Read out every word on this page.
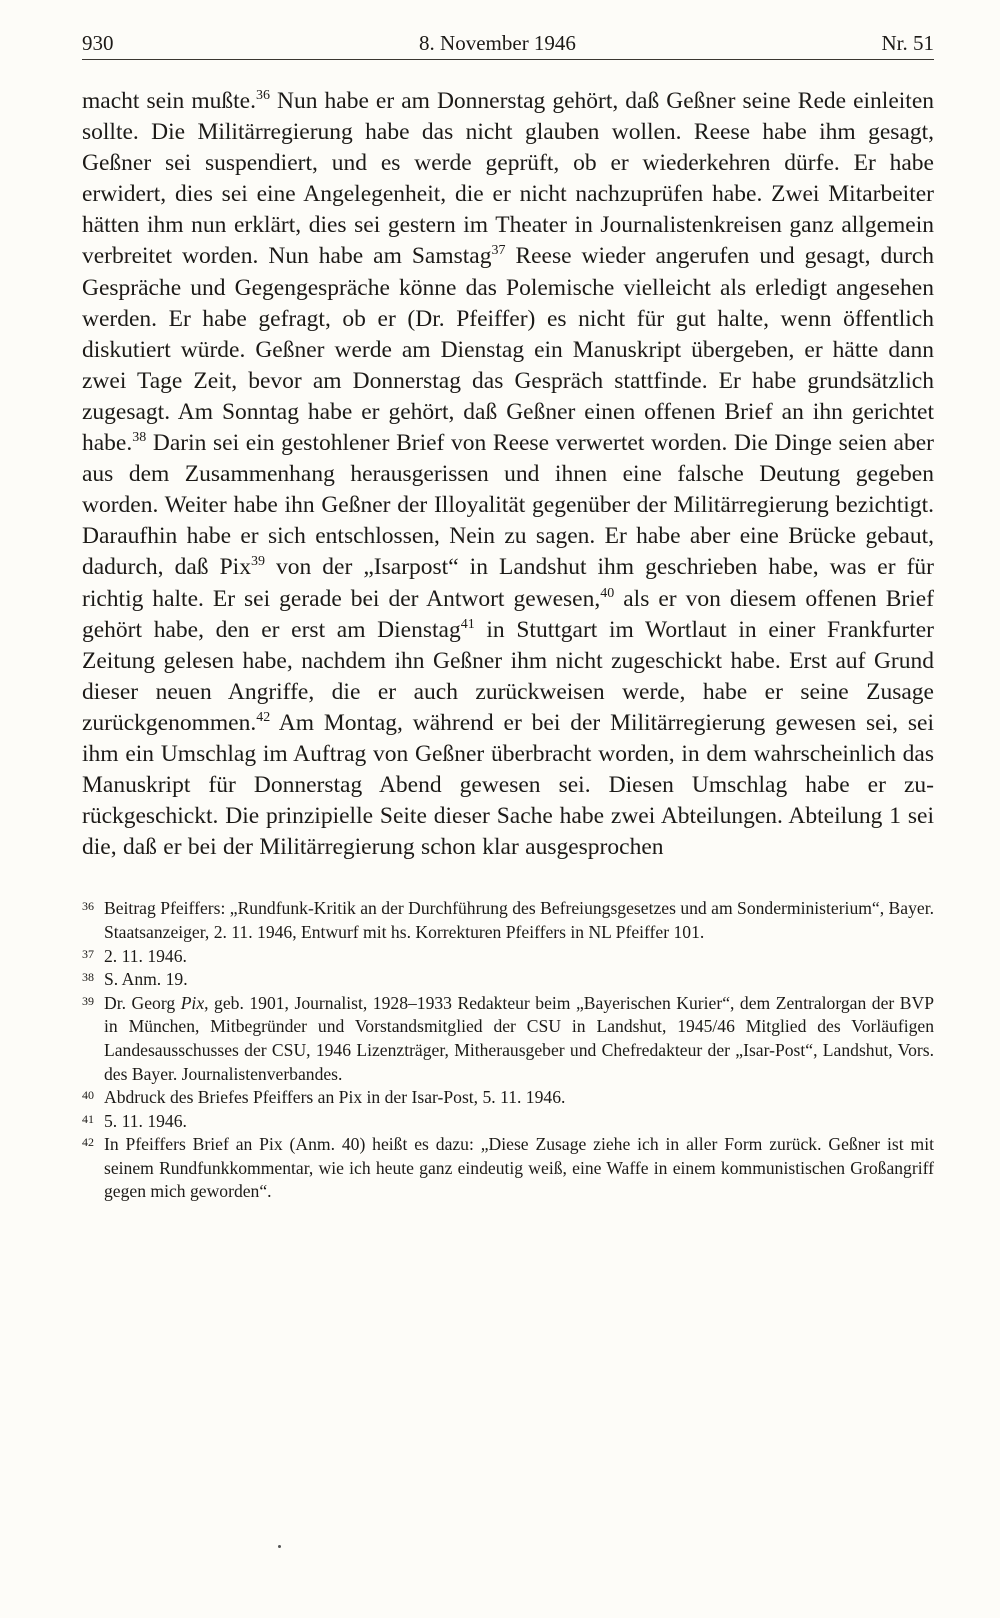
930	8. November 1946	Nr. 51

macht sein mußte.$^{36}$ Nun habe er am Donnerstag gehört, daß Geßner seine Rede einleiten sollte. Die Militärregierung habe das nicht glauben wollen. Reese habe ihm gesagt, Geßner sei suspendiert, und es werde geprüft, ob er wiederkehren dürfe. Er habe erwidert, dies sei eine Angelegenheit, die er nicht nachzuprüfen habe. Zwei Mitarbeiter hätten ihm nun erklärt, dies sei gestern im Theater in Journalistenkreisen ganz allgemein verbreitet worden. Nun habe am Samstag$^{37}$ Reese wieder angerufen und gesagt, durch Gespräche und Gegengespräche könne das Polemische vielleicht als erledigt angesehen werden. Er habe gefragt, ob er (Dr. Pfeiffer) es nicht für gut halte, wenn öffentlich diskutiert würde. Geßner werde am Dienstag ein Manuskript übergeben, er hätte dann zwei Tage Zeit, bevor am Donnerstag das Gespräch stattfinde. Er habe grundsätzlich zugesagt. Am Sonntag habe er gehört, daß Geßner einen offenen Brief an ihn gerichtet habe.$^{38}$ Darin sei ein gestohlener Brief von Reese verwertet worden. Die Dinge seien aber aus dem Zusammenhang herausgerissen und ihnen eine falsche Deutung gegeben worden. Weiter habe ihn Geßner der Illoyalität gegenüber der Militärregierung bezichtigt. Daraufhin habe er sich entschlossen, Nein zu sagen. Er habe aber eine Brücke gebaut, dadurch, daß Pix$^{39}$ von der „Isarpost“ in Landshut ihm geschrieben habe, was er für richtig halte. Er sei gerade bei der Antwort gewesen,$^{40}$ als er von diesem offenen Brief gehört habe, den er erst am Dienstag$^{41}$ in Stuttgart im Wortlaut in einer Frankfurter Zeitung gelesen habe, nachdem ihn Geßner ihm nicht zugeschickt habe. Erst auf Grund dieser neuen Angriffe, die er auch zurückweisen werde, habe er seine Zusage zurückgenommen.$^{42}$ Am Montag, während er bei der Militärregierung gewesen sei, sei ihm ein Umschlag im Auftrag von Geßner überbracht worden, in dem wahrscheinlich das Manuskript für Donnerstag Abend gewesen sei. Diesen Umschlag habe er zurückgeschickt. Die prinzipielle Seite dieser Sache habe zwei Abteilungen. Abteilung 1 sei die, daß er bei der Militärregierung schon klar ausgesprochen

36 Beitrag Pfeiffers: „Rundfunk-Kritik an der Durchführung des Befreiungsgesetzes und am Sonderministerium“, Bayer. Staatsanzeiger, 2. 11. 1946, Entwurf mit hs. Korrekturen Pfeiffers in NL Pfeiffer 101.
37 2. 11. 1946.
38 S. Anm. 19.
39 Dr. Georg Pix, geb. 1901, Journalist, 1928–1933 Redakteur beim „Bayerischen Kurier“, dem Zentralorgan der BVP in München, Mitbegründer und Vorstandsmitglied der CSU in Landshut, 1945/46 Mitglied des Vorläufigen Landesausschusses der CSU, 1946 Lizenzträger, Mitherausgeber und Chefredakteur der „Isar-Post“, Landshut, Vors. des Bayer. Journalistenverbandes.
40 Abdruck des Briefes Pfeiffers an Pix in der Isar-Post, 5. 11. 1946.
41 5. 11. 1946.
42 In Pfeiffers Brief an Pix (Anm. 40) heißt es dazu: „Diese Zusage ziehe ich in aller Form zurück. Geßner ist mit seinem Rundfunkkommentar, wie ich heute ganz eindeutig weiß, eine Waffe in einem kommunistischen Großangriff gegen mich geworden“.
